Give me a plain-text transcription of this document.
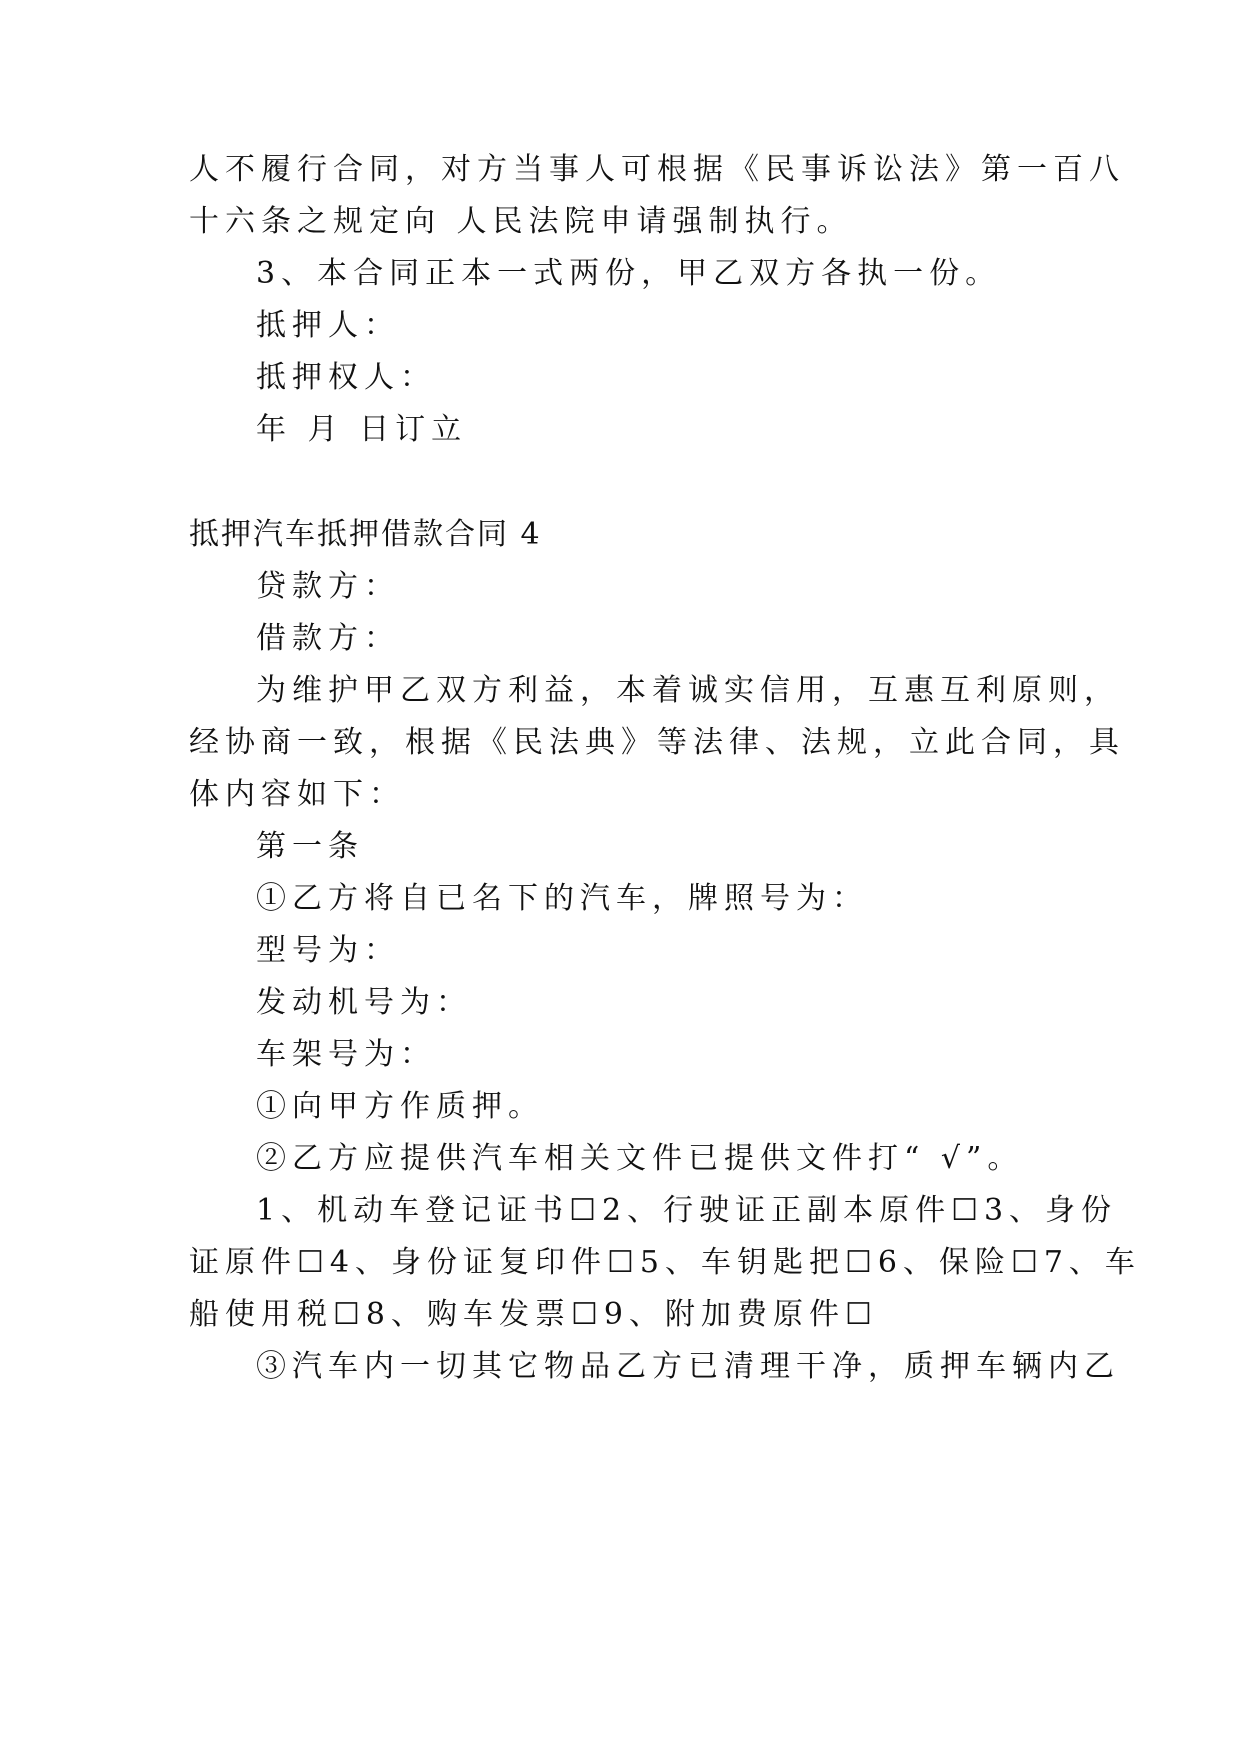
人不履行合同，对方当事人可根据《民事诉讼法》第一百八
十六条之规定向 人民法院申请强制执行。
3、本合同正本一式两份，甲乙双方各执一份。
抵押人：
抵押权人：
年 月 日订立
抵押汽车抵押借款合同 4
贷款方：
借款方：
为维护甲乙双方利益，本着诚实信用，互惠互利原则，
经协商一致，根据《民法典》等法律、法规，立此合同，具
体内容如下：
第一条
①乙方将自已名下的汽车，牌照号为：
型号为：
发动机号为：
车架号为：
①向甲方作质押。
②乙方应提供汽车相关文件已提供文件打“ √”。
1、机动车登记证书☐2、行驶证正副本原件☐3、身份
证原件☐4、身份证复印件☐5、车钥匙把☐6、保险☐7、车
船使用税☐8、购车发票☐9、附加费原件☐
③汽车内一切其它物品乙方已清理干净，质押车辆内乙
